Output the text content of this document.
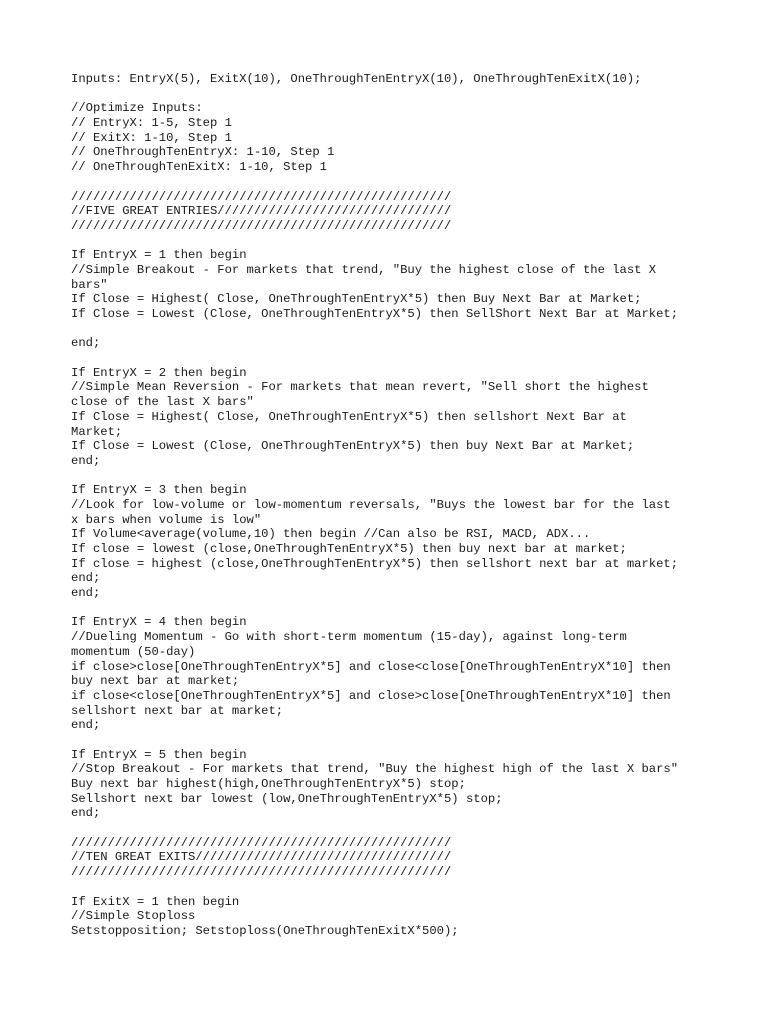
Inputs: EntryX(5), ExitX(10), OneThroughTenEntryX(10), OneThroughTenExitX(10);
//Optimize Inputs:
// EntryX: 1-5, Step 1
// ExitX: 1-10, Step 1
// OneThroughTenEntryX: 1-10, Step 1
// OneThroughTenExitX: 1-10, Step 1
////////////////////////////////////////////////////
//FIVE GREAT ENTRIES////////////////////////////////
////////////////////////////////////////////////////
If EntryX = 1 then begin
//Simple Breakout - For markets that trend, "Buy the highest close of the last X
bars"
If Close = Highest( Close, OneThroughTenEntryX*5) then Buy Next Bar at Market;
If Close = Lowest (Close, OneThroughTenEntryX*5) then SellShort Next Bar at Market;
end;
If EntryX = 2 then begin
//Simple Mean Reversion - For markets that mean revert, "Sell short the highest
close of the last X bars"
If Close = Highest( Close, OneThroughTenEntryX*5) then sellshort Next Bar at
Market;
If Close = Lowest (Close, OneThroughTenEntryX*5) then buy Next Bar at Market;
end;
If EntryX = 3 then begin
//Look for low-volume or low-momentum reversals, "Buys the lowest bar for the last
x bars when volume is low"
If Volume<average(volume,10) then begin //Can also be RSI, MACD, ADX...
If close = lowest (close,OneThroughTenEntryX*5) then buy next bar at market;
If close = highest (close,OneThroughTenEntryX*5) then sellshort next bar at market;
end;
end;
If EntryX = 4 then begin
//Dueling Momentum - Go with short-term momentum (15-day), against long-term
momentum (50-day)
if close>close[OneThroughTenEntryX*5] and close<close[OneThroughTenEntryX*10] then
buy next bar at market;
if close<close[OneThroughTenEntryX*5] and close>close[OneThroughTenEntryX*10] then
sellshort next bar at market;
end;
If EntryX = 5 then begin
//Stop Breakout - For markets that trend, "Buy the highest high of the last X bars"
Buy next bar highest(high,OneThroughTenEntryX*5) stop;
Sellshort next bar lowest (low,OneThroughTenEntryX*5) stop;
end;
////////////////////////////////////////////////////
//TEN GREAT EXITS///////////////////////////////////
////////////////////////////////////////////////////
If ExitX = 1 then begin
//Simple Stoploss
Setstopposition; Setstoploss(OneThroughTenExitX*500);
